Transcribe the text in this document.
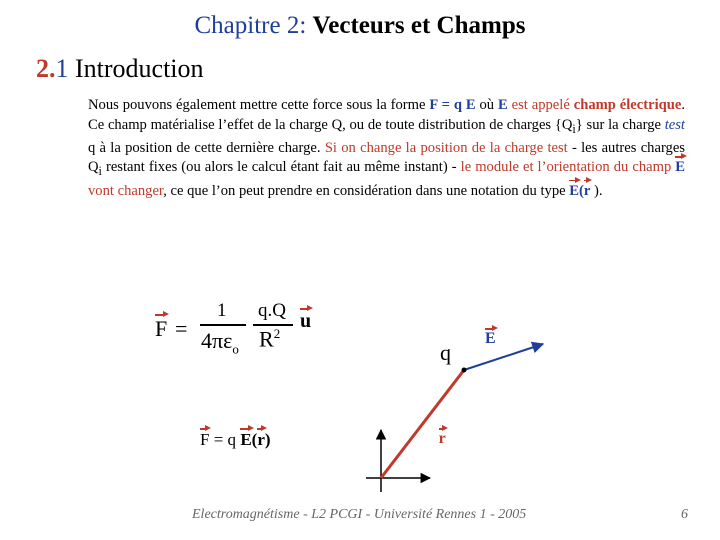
Chapitre 2: Vecteurs et Champs
2.1 Introduction
Nous pouvons également mettre cette force sous la forme F = q E où E est appelé champ électrique. Ce champ matérialise l’effet de la charge Q, ou de toute distribution de charges $\{Q_i\}$ sur la charge test q à la position de cette dernière charge. Si on change la position de la charge test - les autres charges $Q_i$ restant fixes (ou alors le calcul étant fait au même instant) - le module et l’orientation du champ E vont changer, ce que l’on peut prendre en considération dans une notation du type E(r ).
F =
1
$4\pi\varepsilon_o$
q.Q
$R^2$
u
F = q E(r)
q
E r
Electromagnétisme - L2 PCGI - Université Rennes 1 - 2005	6
